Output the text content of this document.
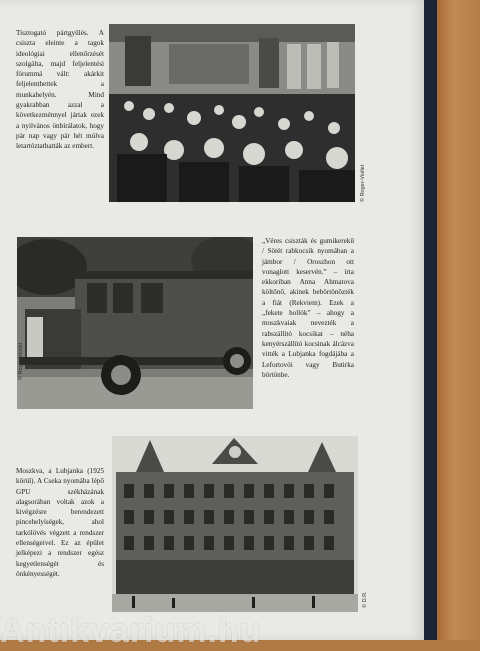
Tisztogató pártgyűlés. A csiszta eleinte a tagok ideológiai ellenőrzését szolgálta, majd feljelentési fórummá vált: akárkit feljelenthettek a munkahelyén. Mind gyakrabban azzal a következménnyel jártak ezek a nyilvános önbírálatok, hogy pár nap vagy pár hét múlva letartóztathatták az embert.
© Roger-Viollet
© Roger-Viollet
„Véres csiszták és gumikerekű / Sötét rabkocsik nyomában a jámbor / Oroszhon ott vonaglott keservén.” – írta ekkoriban Anna Ahmatova költőnő, akinek bebörtönözték a fiát (Rekviem). Ezek a „fekete hollók” – ahogy a moszkvaiak nevezték a rabszállító kocsikat – néha kenyérszállító kocsinak álcázva vitték a Lubjanka fogdájába a Lefortovói vagy Butirka börtönbe.
Moszkva, a Lubjanka (1925 körül). A Cseka nyomába lépő GPU székházának alagsorában voltak azok a kivégzésre berendezett pincehelyiségek, ahol tarkólövés végzett a rendszer ellenségeivel. Ez az épület jelképezi a rendszer egész kegyetlenségét és önkényességét.
© D.R.
Antikvarium.hu
